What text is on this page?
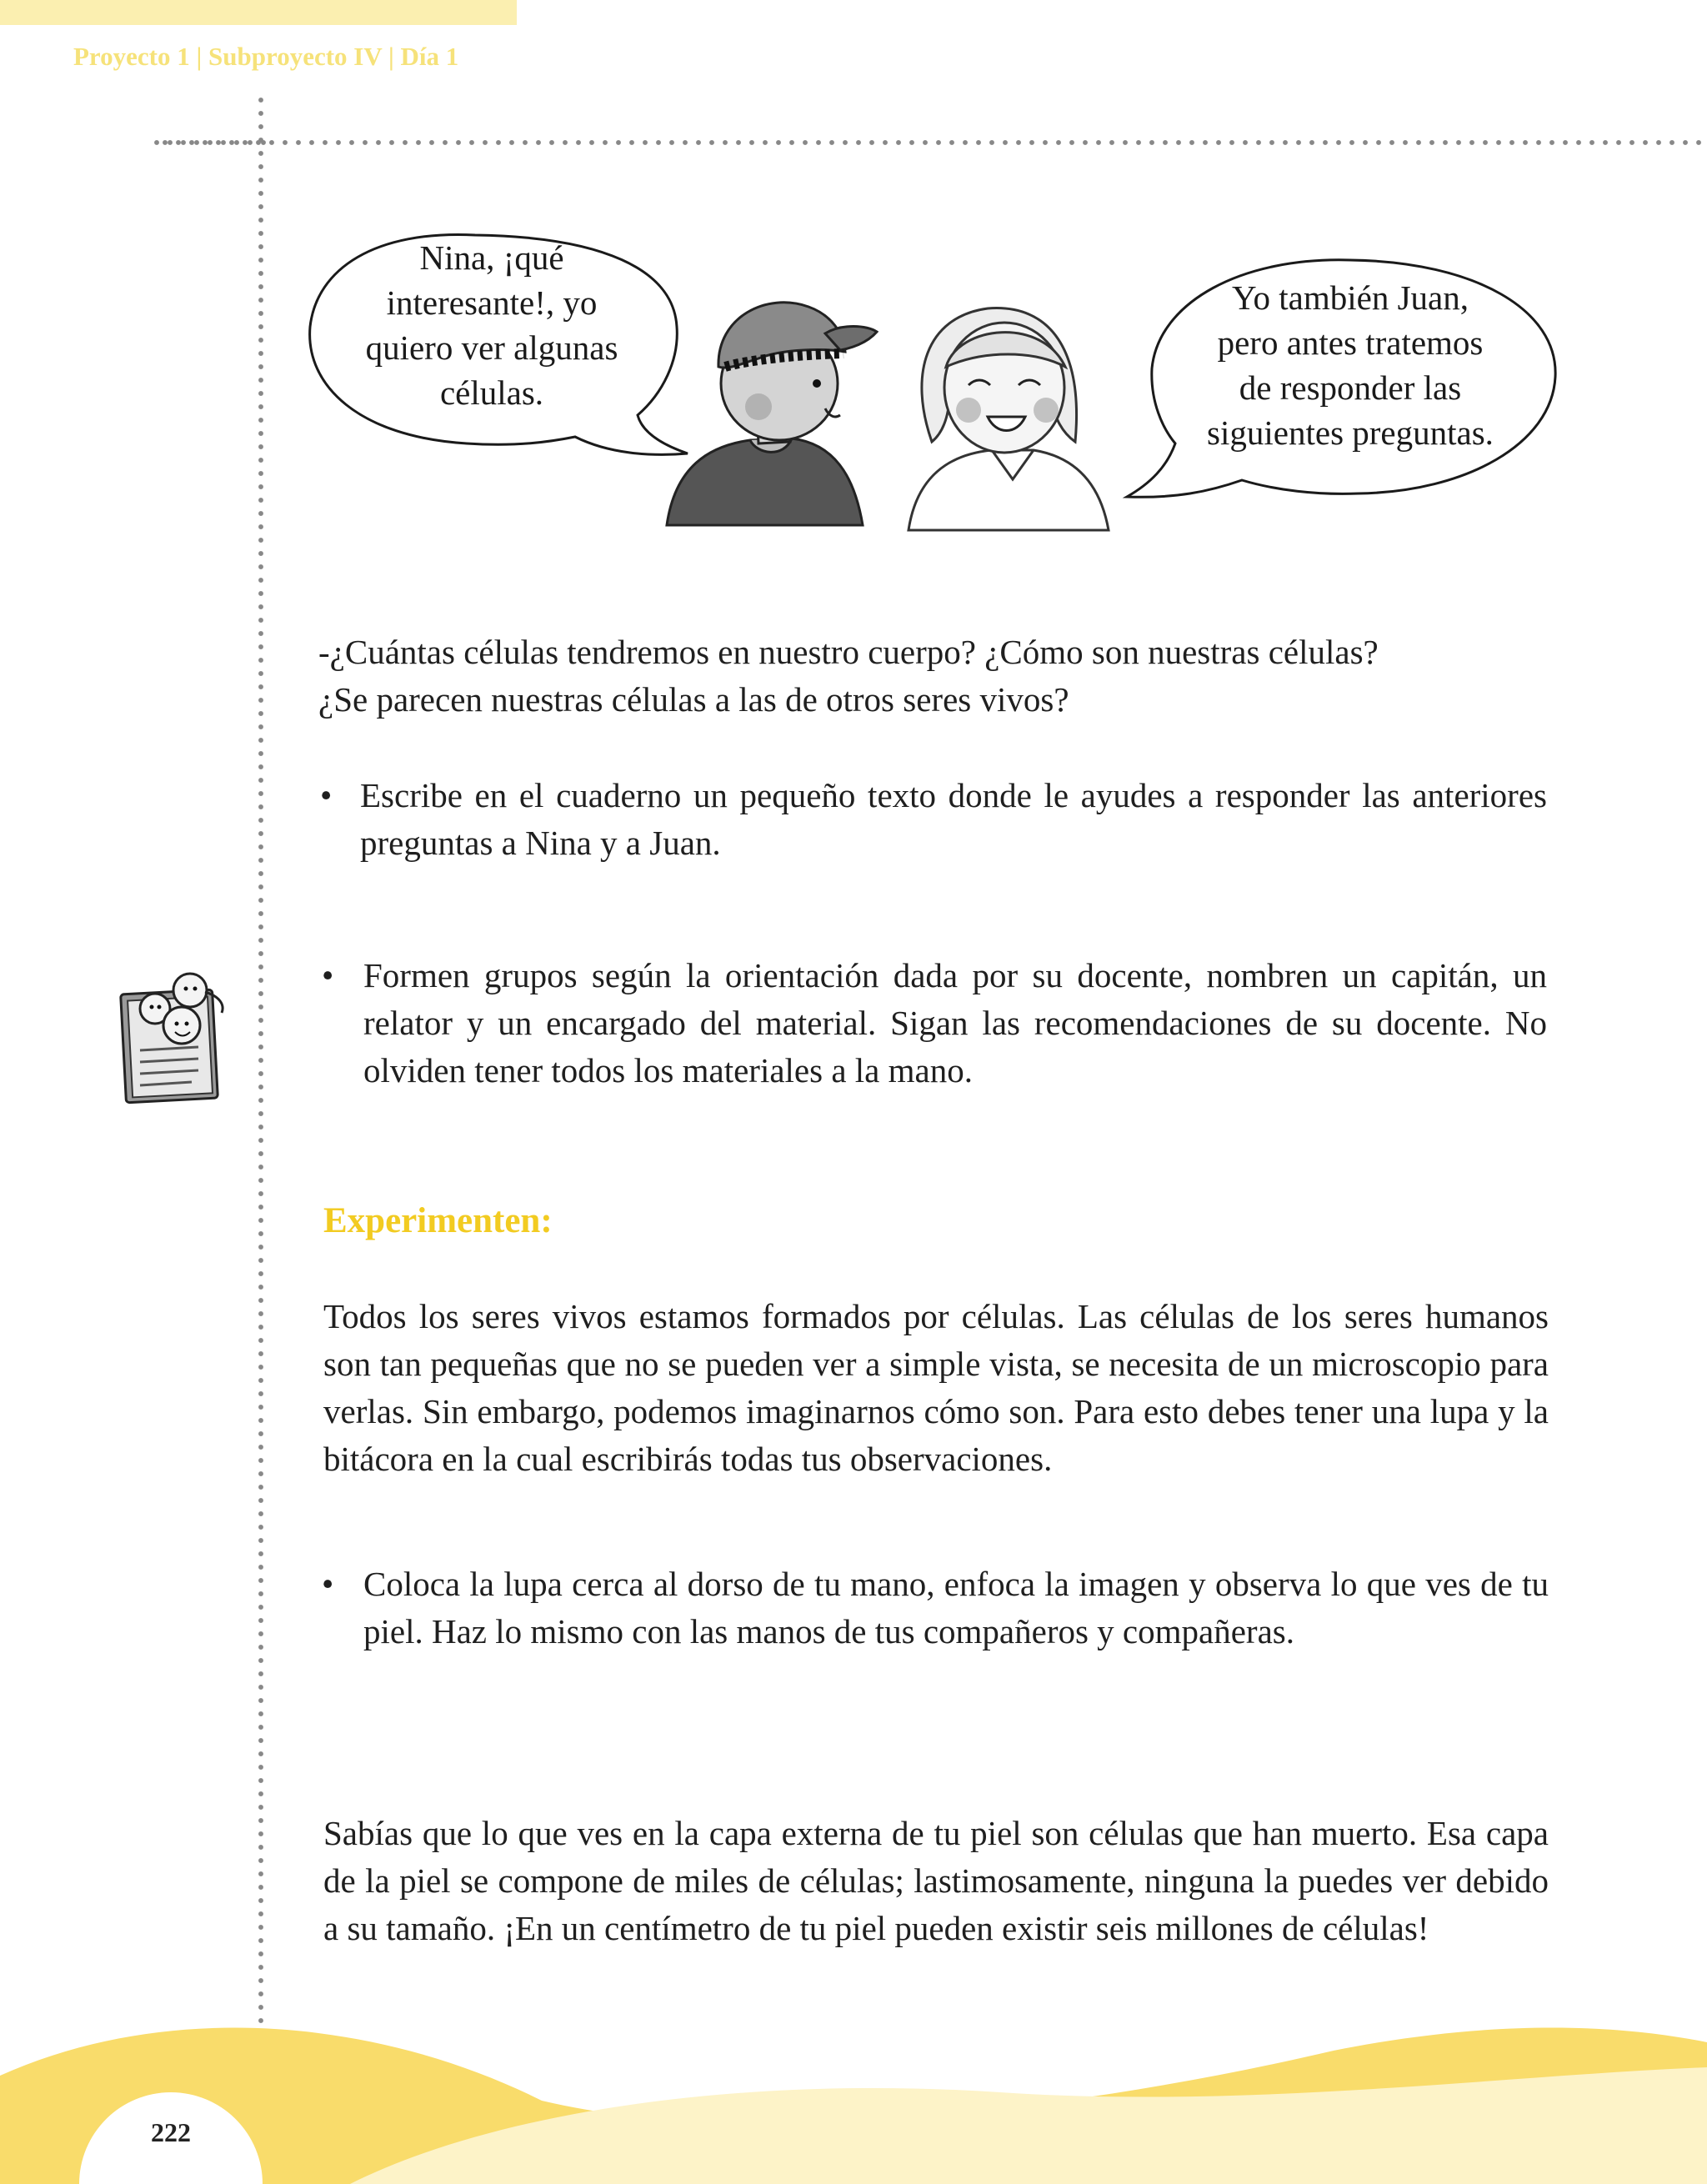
Proyecto 1 | Subproyecto IV | Día 1
Nina, ¡qué
interesante!, yo
quiero ver algunas
células.
Yo también Juan,
pero antes tratemos
de responder las
siguientes preguntas.
-¿Cuántas células tendremos en nuestro cuerpo? ¿Cómo son nuestras células?
¿Se parecen nuestras células a las de otros seres vivos?
• Escribe en el cuaderno un pequeño texto donde le ayudes a responder las anteriores preguntas a Nina y a Juan.
• Formen grupos según la orientación dada por su docente, nombren un capitán, un relator y un encargado del material. Sigan las recomendaciones de su docente. No olviden tener todos los materiales a la mano.
Experimenten:
Todos los seres vivos estamos formados por células. Las células de los seres humanos son tan pequeñas que no se pueden ver a simple vista, se necesita de un microscopio para verlas. Sin embargo, podemos imaginarnos cómo son. Para esto debes tener una lupa y la bitácora en la cual escribirás todas tus observaciones.
• Coloca la lupa cerca al dorso de tu mano, enfoca la imagen y observa lo que ves de tu piel. Haz lo mismo con las manos de tus compañeros y compañeras.
Sabías que lo que ves en la capa externa de tu piel son células que han muerto. Esa capa de la piel se compone de miles de células; lastimosamente, ninguna la puedes ver debido a su tamaño. ¡En un centímetro de tu piel pueden existir seis millones de células!
222
